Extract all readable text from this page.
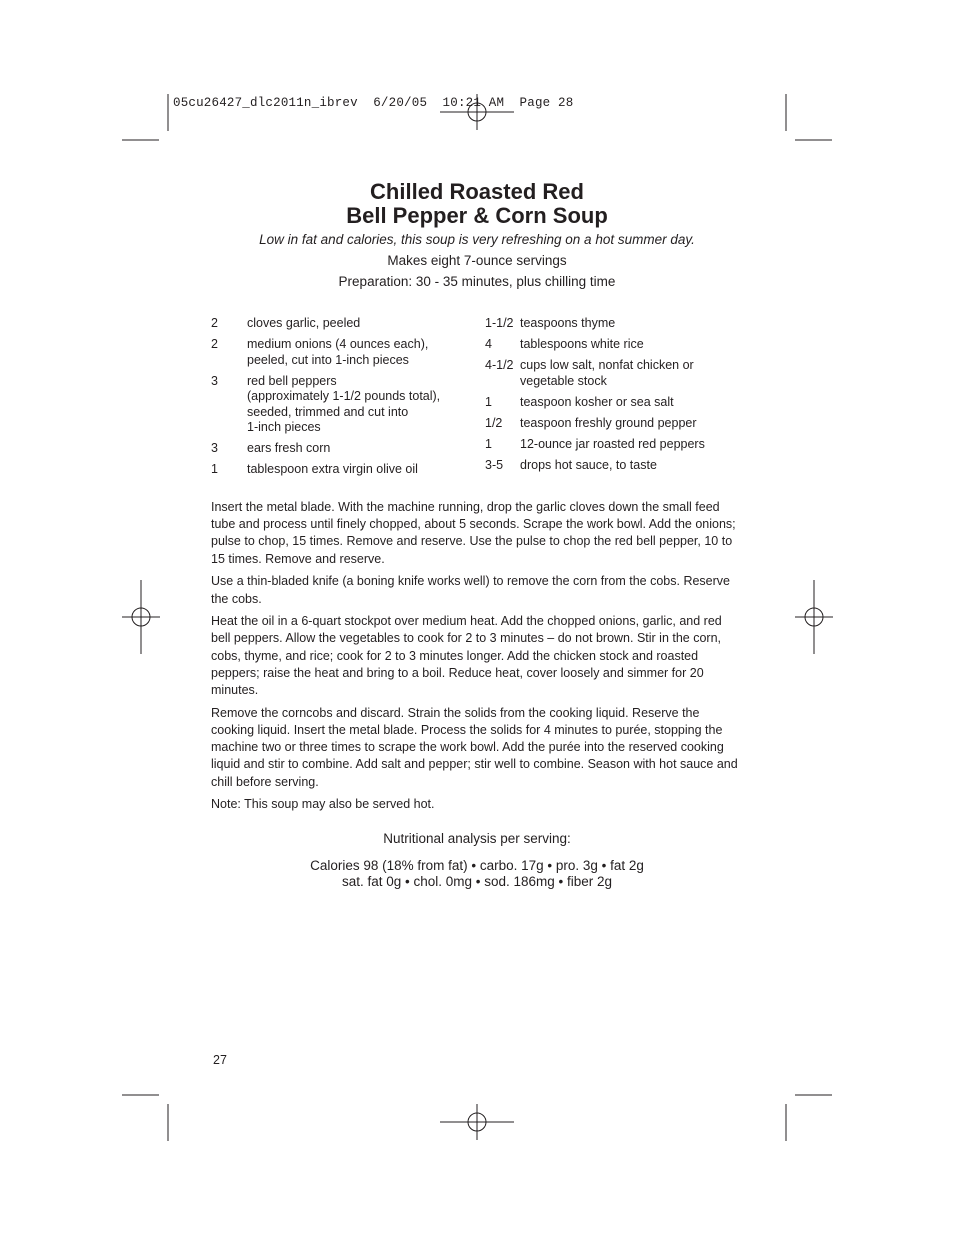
05cu26427_dlc2011n_ibrev  6/20/05  10:21 AM  Page 28
Chilled Roasted Red
Bell Pepper & Corn Soup
Low in fat and calories, this soup is very refreshing on a hot summer day.
Makes eight 7-ounce servings
Preparation: 30 - 35 minutes, plus chilling time
2	cloves garlic, peeled
2	medium onions (4 ounces each),
peeled, cut into 1-inch pieces
3	red bell peppers
(approximately 1-1/2 pounds total),
seeded, trimmed and cut into
1-inch pieces
3	ears fresh corn
1	tablespoon extra virgin olive oil
1-1/2 teaspoons thyme
4	tablespoons white rice
4-1/2 cups low salt, nonfat chicken or
vegetable stock
1	teaspoon kosher or sea salt
1/2	teaspoon freshly ground pepper
1	12-ounce jar roasted red peppers
3-5	drops hot sauce, to taste

Insert the metal blade. With the machine running, drop the garlic cloves down the small feed tube and process until finely chopped, about 5 seconds. Scrape the work bowl. Add the onions; pulse to chop, 15 times. Remove and reserve. Use the pulse to chop the red bell pepper, 10 to 15 times. Remove and reserve.

Use a thin-bladed knife (a boning knife works well) to remove the corn from the cobs. Reserve the cobs.

Heat the oil in a 6-quart stockpot over medium heat. Add the chopped onions, garlic, and red bell peppers. Allow the vegetables to cook for 2 to 3 minutes – do not brown. Stir in the corn, cobs, thyme, and rice; cook for 2 to 3 minutes longer. Add the chicken stock and roasted peppers; raise the heat and bring to a boil. Reduce heat, cover loosely and simmer for 20 minutes.

Remove the corncobs and discard. Strain the solids from the cooking liquid. Reserve the cooking liquid. Insert the metal blade. Process the solids for 4 minutes to purée, stopping the machine two or three times to scrape the work bowl. Add the purée into the reserved cooking liquid and stir to combine. Add salt and pepper; stir well to combine. Season with hot sauce and chill before serving.

Note: This soup may also be served hot.

Nutritional analysis per serving:
Calories 98 (18% from fat) • carbo. 17g • pro. 3g • fat 2g
sat. fat 0g • chol. 0mg • sod. 186mg • fiber 2g
27
